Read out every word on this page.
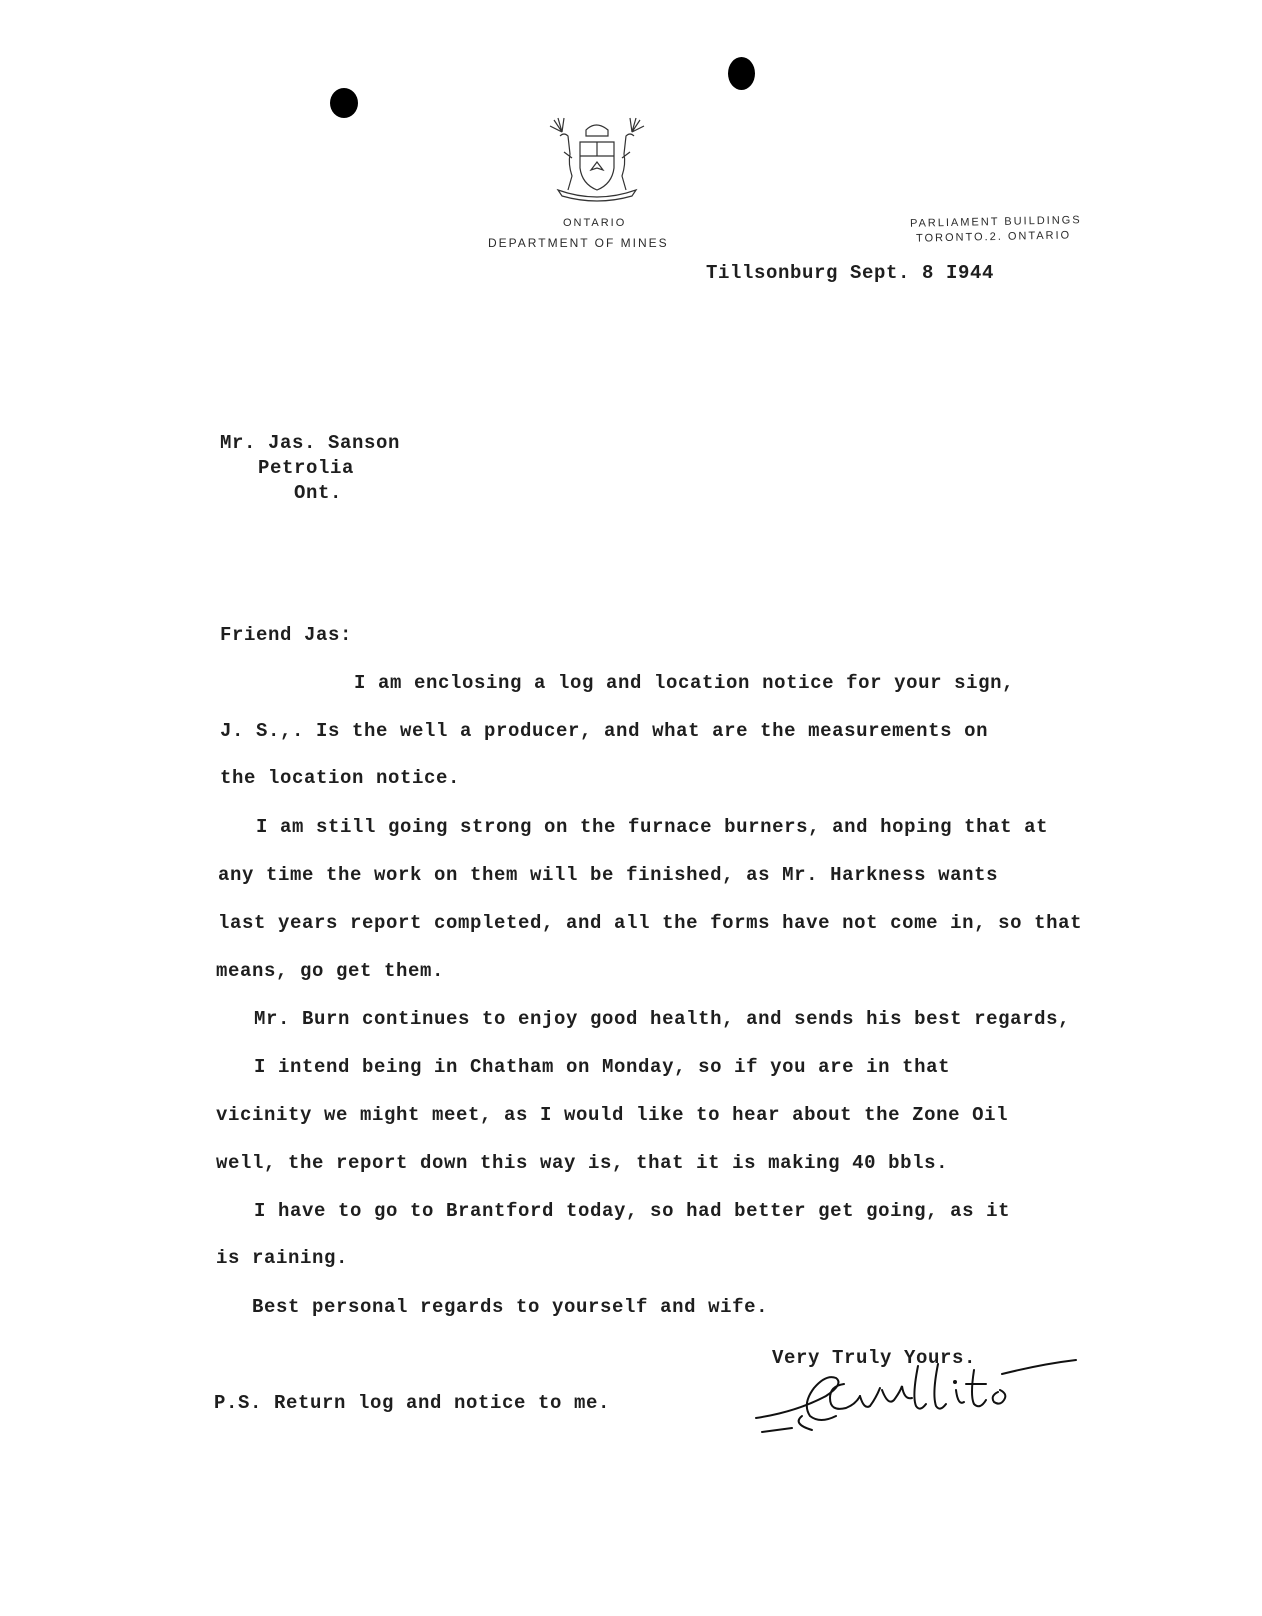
ONTARIO
DEPARTMENT OF MINES
PARLIAMENT BUILDINGS
TORONTO.2. ONTARIO
Tillsonburg Sept. 8 I944
Mr. Jas. Sanson
Petrolia
Ont.
Friend Jas:
I am enclosing a log and location notice for your sign,
J. S.,. Is the well a producer, and what are the measurements on
the location notice.
I am still going strong on the furnace burners, and hoping that at
any time the work on them will be finished, as Mr. Harkness wants
last years report completed, and all the forms have not come in, so that
means, go get them.
Mr. Burn continues to enjoy good health, and sends his best regards,
I intend being in Chatham on Monday, so if you are in that
vicinity we might meet, as I would like to hear about the Zone Oil
well, the report down this way is, that it is making 40 bbls.
I have to go to Brantford today, so had better get going, as it
is raining.
Best personal regards to yourself and wife.
Very Truly Yours.
P.S. Return log and notice to me.
